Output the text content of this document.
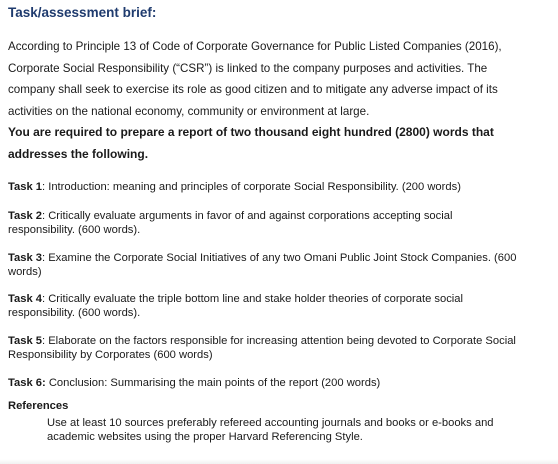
Task/assessment brief:
According to Principle 13 of Code of Corporate Governance for Public Listed Companies (2016),
Corporate Social Responsibility (“CSR”) is linked to the company purposes and activities. The
company shall seek to exercise its role as good citizen and to mitigate any adverse impact of its
activities on the national economy, community or environment at large.
You are required to prepare a report of two thousand eight hundred (2800) words that
addresses the following.
Task 1: Introduction: meaning and principles of corporate Social Responsibility. (200 words)
Task 2: Critically evaluate arguments in favor of and against corporations accepting social
responsibility. (600 words).
Task 3: Examine the Corporate Social Initiatives of any two Omani Public Joint Stock Companies. (600
words)
Task 4: Critically evaluate the triple bottom line and stake holder theories of corporate social
responsibility. (600 words).
Task 5: Elaborate on the factors responsible for increasing attention being devoted to Corporate Social
Responsibility by Corporates (600 words)
Task 6: Conclusion: Summarising the main points of the report (200 words)
References
Use at least 10 sources preferably refereed accounting journals and books or e-books and
academic websites using the proper Harvard Referencing Style.
